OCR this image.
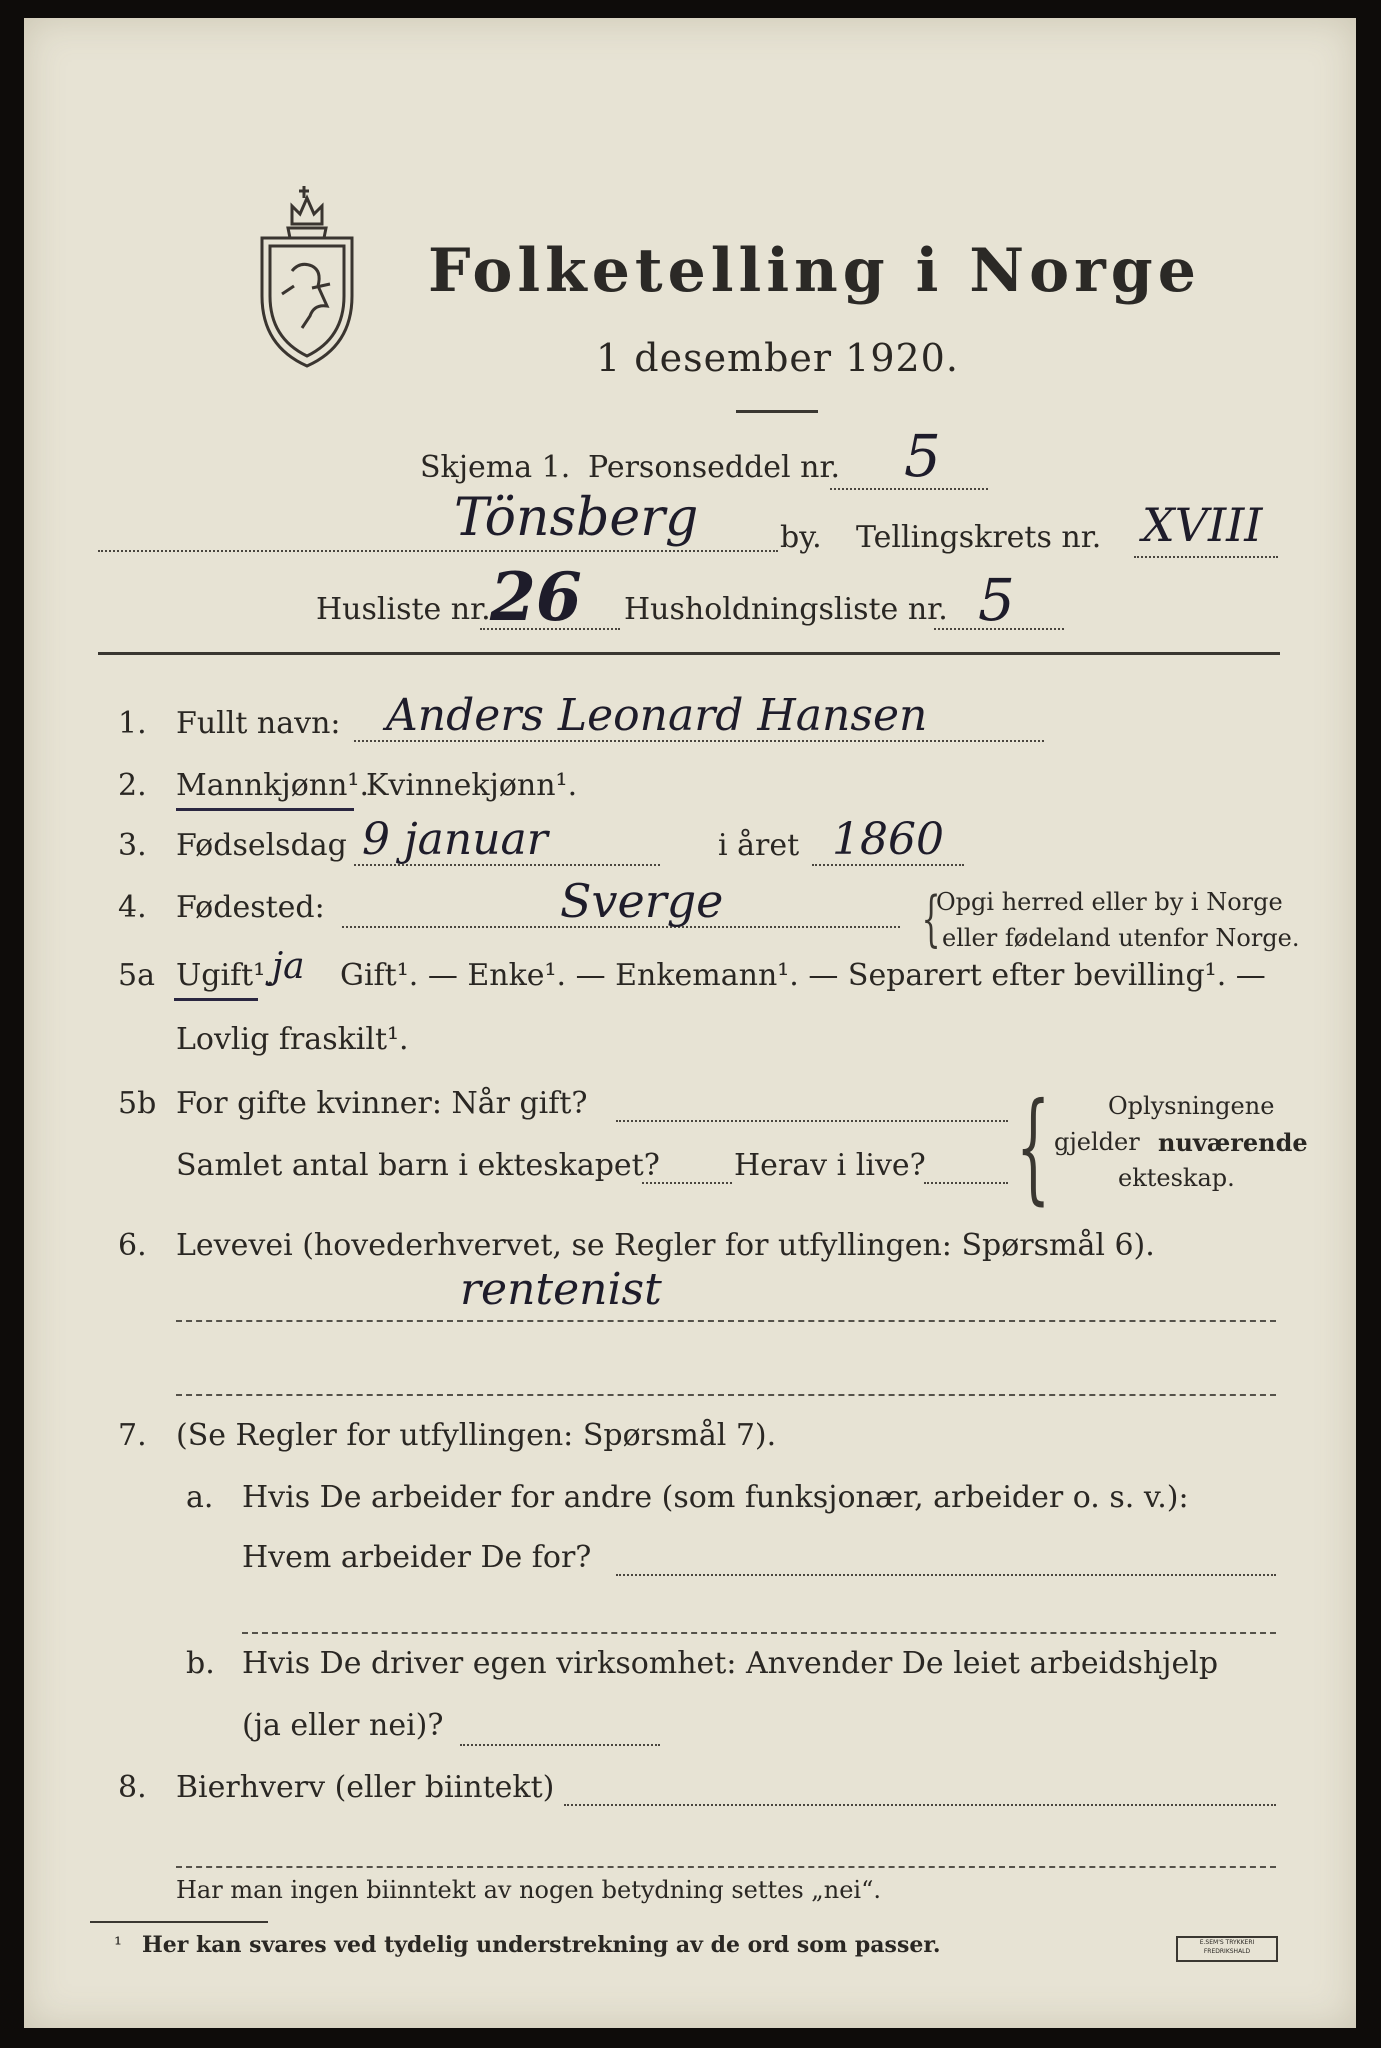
Folketelling i Norge
1 desember 1920.
Skjema 1. Personseddel nr. 5
Tönsberg	by. Tellingskrets nr. XVIII
Husliste nr. 26 Husholdningsliste nr. 5
1. Fullt navn: Anders Leonard Hansen
2. Mannkjønn¹.
Kvinnekjønn¹.
3. Fødselsdag 9 januar	i året 1860
4. Fødested:	Sverge	{
Opgi herred eller by i Norge
eller fødeland utenfor Norge.
5a Ugift¹.
ja Gift¹. — Enke¹. — Enkemann¹. — Separert efter bevilling¹. —
Lovlig fraskilt¹.
5b For gifte kvinner: Når gift?
Samlet antal barn i ekteskapet? Herav i live? { Oplysningene
gjelder nuværende
ekteskap.
6. Levevei (hovederhvervet, se Regler for utfyllingen: Spørsmål 6).
rentenist
7. (Se Regler for utfyllingen: Spørsmål 7).
a. Hvis De arbeider for andre (som funksjonær, arbeider o. s. v.):
Hvem arbeider De for?
b. Hvis De driver egen virksomhet: Anvender De leiet arbeidshjelp
(ja eller nei)?
8. Bierhverv (eller biintekt)
Har man ingen biinntekt av nogen betydning settes „nei“.
¹ Her kan svares ved tydelig understrekning av de ord som passer.	E.SEM'S TRYKKERI FREDRIKSHALD
